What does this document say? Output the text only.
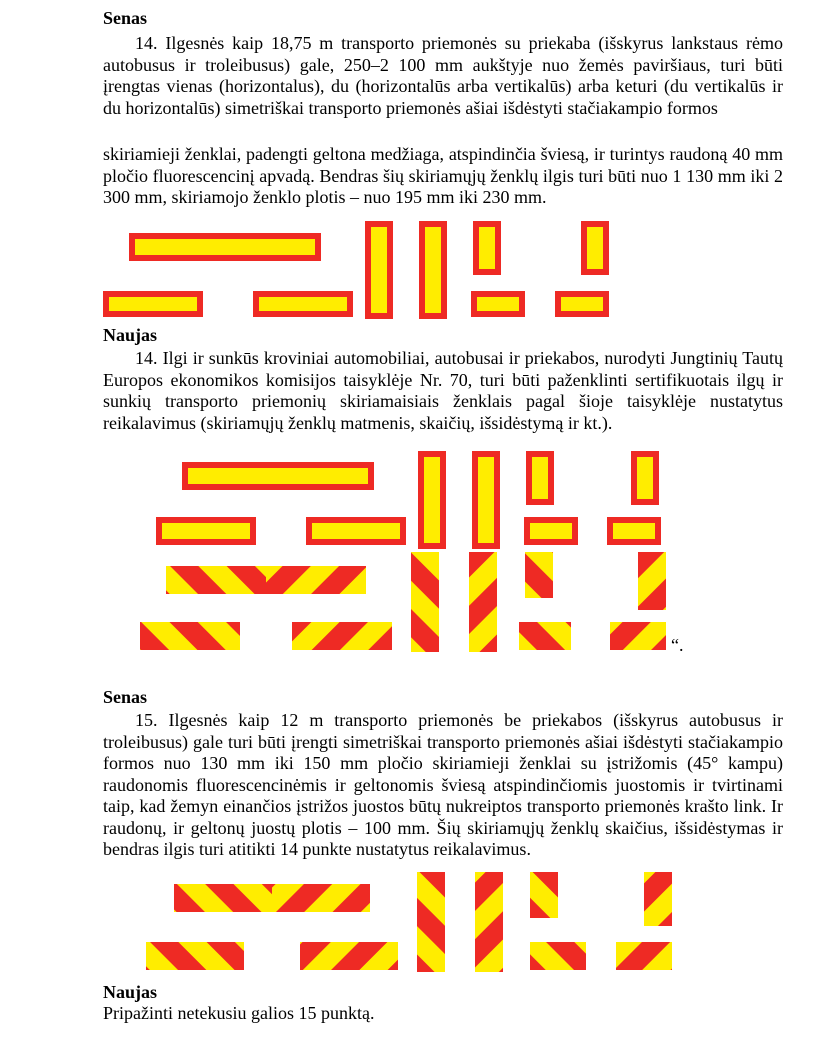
Senas

14. Ilgesnės kaip 18,75 m transporto priemonės su priekaba (išskyrus lankstaus rėmo autobusus ir troleibusus) gale, 250–2 100 mm aukštyje nuo žemės paviršiaus, turi būti įrengtas vienas (horizontalus), du (horizontalūs arba vertikalūs) arba keturi (du vertikalūs ir du horizontalūs) simetriškai transporto priemonės ašiai išdėstyti stačiakampio formos

skiriamieji ženklai, padengti geltona medžiaga, atspindinčia šviesą, ir turintys raudoną 40 mm pločio fluorescencinį apvadą. Bendras šių skiriamųjų ženklų ilgis turi būti nuo 1 130 mm iki 2 300 mm, skiriamojo ženklo plotis – nuo 195 mm iki 230 mm.

Naujas

14. Ilgi ir sunkūs kroviniai automobiliai, autobusai ir priekabos, nurodyti Jungtinių Tautų Europos ekonomikos komisijos taisyklėje Nr. 70, turi būti paženklinti sertifikuotais ilgų ir sunkių transporto priemonių skiriamaisiais ženklais pagal šioje taisyklėje nustatytus reikalavimus (skiriamųjų ženklų matmenis, skaičių, išsidėstymą ir kt.).

“.
Senas

15. Ilgesnės kaip 12 m transporto priemonės be priekabos (išskyrus autobusus ir troleibusus) gale turi būti įrengti simetriškai transporto priemonės ašiai išdėstyti stačiakampio formos nuo 130 mm iki 150 mm pločio skiriamieji ženklai su įstrižomis (45° kampu) raudonomis fluorescencinėmis ir geltonomis šviesą atspindinčiomis juostomis ir tvirtinami taip, kad žemyn einančios įstrižos juostos būtų nukreiptos transporto priemonės krašto link. Ir raudonų, ir geltonų juostų plotis – 100 mm. Šių skiriamųjų ženklų skaičius, išsidėstymas ir bendras ilgis turi atitikti 14 punkte nustatytus reikalavimus.

Naujas
Pripažinti netekusiu galios 15 punktą.
